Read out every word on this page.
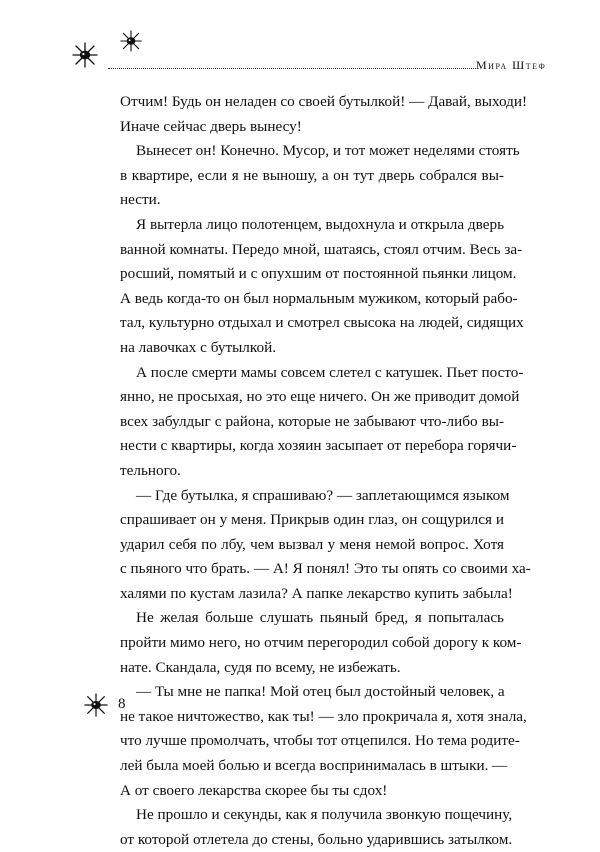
Мира Штеф
Отчим! Будь он неладен со своей бутылкой! — Давай, выходи!
Иначе сейчас дверь вынесу!
Вынесет он! Конечно. Мусор, и тот может неделями стоять
в квартире, если я не выношу, а он тут дверь собрался вы-
нести.
Я вытерла лицо полотенцем, выдохнула и открыла дверь
ванной комнаты. Передо мной, шатаясь, стоял отчим. Весь за-
росший, помятый и с опухшим от постоянной пьянки лицом.
А ведь когда-то он был нормальным мужиком, который рабо-
тал, культурно отдыхал и смотрел свысока на людей, сидящих
на лавочках с бутылкой.
А после смерти мамы совсем слетел с катушек. Пьет посто-
янно, не просыхая, но это еще ничего. Он же приводит домой
всех забулдыг с района, которые не забывают что-либо вы-
нести с квартиры, когда хозяин засыпает от перебора горячи-
тельного.
— Где бутылка, я спрашиваю? — заплетающимся языком
спрашивает он у меня. Прикрыв один глаз, он сощурился и
ударил себя по лбу, чем вызвал у меня немой вопрос. Хотя
с пьяного что брать. — А! Я понял! Это ты опять со своими ха-
халями по кустам лазила? А папке лекарство купить забыла!
Не желая больше слушать пьяный бред, я попыталась
пройти мимо него, но отчим перегородил собой дорогу к ком-
нате. Скандала, судя по всему, не избежать.
— Ты мне не папка! Мой отец был достойный человек, а
не такое ничтожество, как ты! — зло прокричала я, хотя знала,
что лучше промолчать, чтобы тот отцепился. Но тема родите-
лей была моей болью и всегда воспринималась в штыки. —
А от своего лекарства скорее бы ты сдох!
Не прошло и секунды, как я получила звонкую пощечину,
от которой отлетела до стены, больно ударившись затылком.
8
